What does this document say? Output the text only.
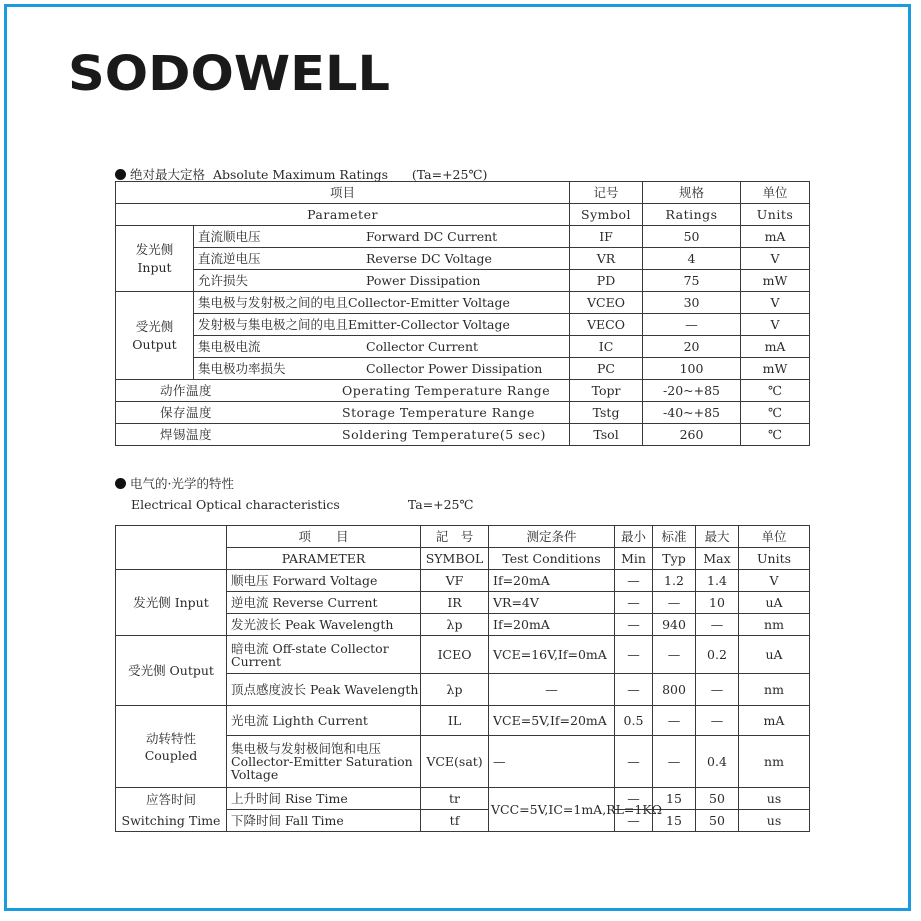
SODOWELL
绝对最大定格 Absolute Maximum Ratings (Ta=+25℃)
项目		记号	规格	单位
Parameter		Symbol	Ratings	Units

发光侧
Input	直流顺电压 Forward DC Current	IF	50	mA
	直流逆电压 Reverse DC Voltage	VR	4	V
	允许损失 Power Dissipation	PD	75	mW

受光侧
Output	集电极与发射极之间的电且Collector-Emitter Voltage	VCEO	30	V
	发射极与集电极之间的电且Emitter-Collector Voltage	VECO	—	V
	集电极电流 Collector Current	IC	20	mA
	集电极功率损失 Collector Power Dissipation	PC	100	mW
动作温度 Operating Temperature Range		Topr	-20~+85	℃
保存温度 Storage Temperature Range		Tstg	-40~+85	℃
焊锡温度 Soldering Temperature(5 sec)		Tsol	260	℃
电气的·光学的特性
Electrical Optical characteristics	Ta=+25℃
	项　　目	記　号	测定条件	最小	标准	最大	单位
	PARAMETER	SYMBOL	Test Conditions	Min	Typ	Max	Units
发光侧 Input	顺电压 Forward Voltage	VF	If=20mA	—	1.2	1.4	V
	逆电流 Reverse Current	IR	VR=4V	—	—	10	uA
	发光波长 Peak Wavelength	λp	If=20mA	—	940	—	nm
受光侧 Output	暗电流 Off-state Collector Current	ICEO	VCE=16V,If=0mA	—	—	0.2	uA
	顶点感度波长 Peak Wavelength	λp	—	—	800	—	nm

动转特性
Coupled	光电流 Lighth Current	IL	VCE=5V,If=20mA	0.5	—	—	mA
	集电极与发射极间饱和电压 Collector-Emitter Saturation Voltage	VCE(sat)	—	—	—	0.4	nm

应答时间
Switching Time	上升时间 Rise Time	tr	VCC=5V,IC=1mA,RL=1KΩ	—	15	50	us
	下降时间 Fall Time	tf		—	15	50	us
